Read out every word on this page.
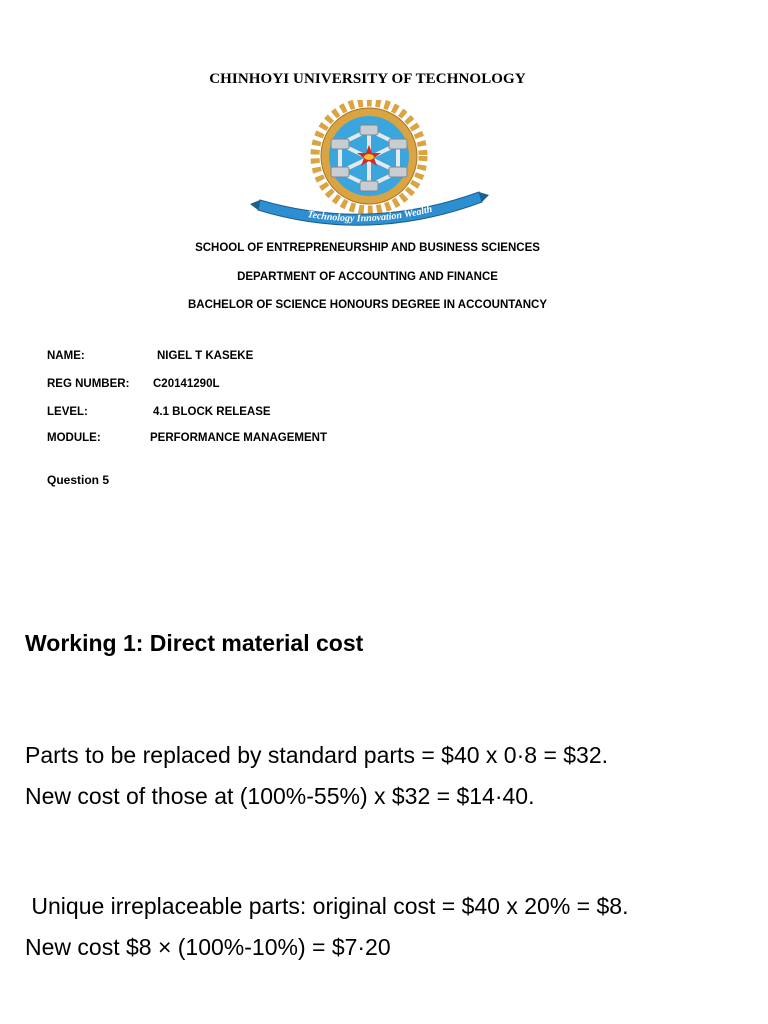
CHINHOYI UNIVERSITY OF TECHNOLOGY
Technology Innovation Wealth
SCHOOL OF ENTREPRENEURSHIP AND BUSINESS SCIENCES
DEPARTMENT OF ACCOUNTING AND FINANCE
BACHELOR OF SCIENCE HONOURS DEGREE IN ACCOUNTANCY
NAME:	NIGEL T KASEKE
REG NUMBER: C20141290L
LEVEL:	4.1 BLOCK RELEASE
MODULE:	PERFORMANCE MANAGEMENT
Question 5
Working 1: Direct material cost
Parts to be replaced by standard parts = $40 x 0·8 = $32.
New cost of those at (100%-55%) x $32 = $14·40.
Unique irreplaceable parts: original cost = $40 x 20% = $8.
New cost $8 × (100%-10%) = $7·20
